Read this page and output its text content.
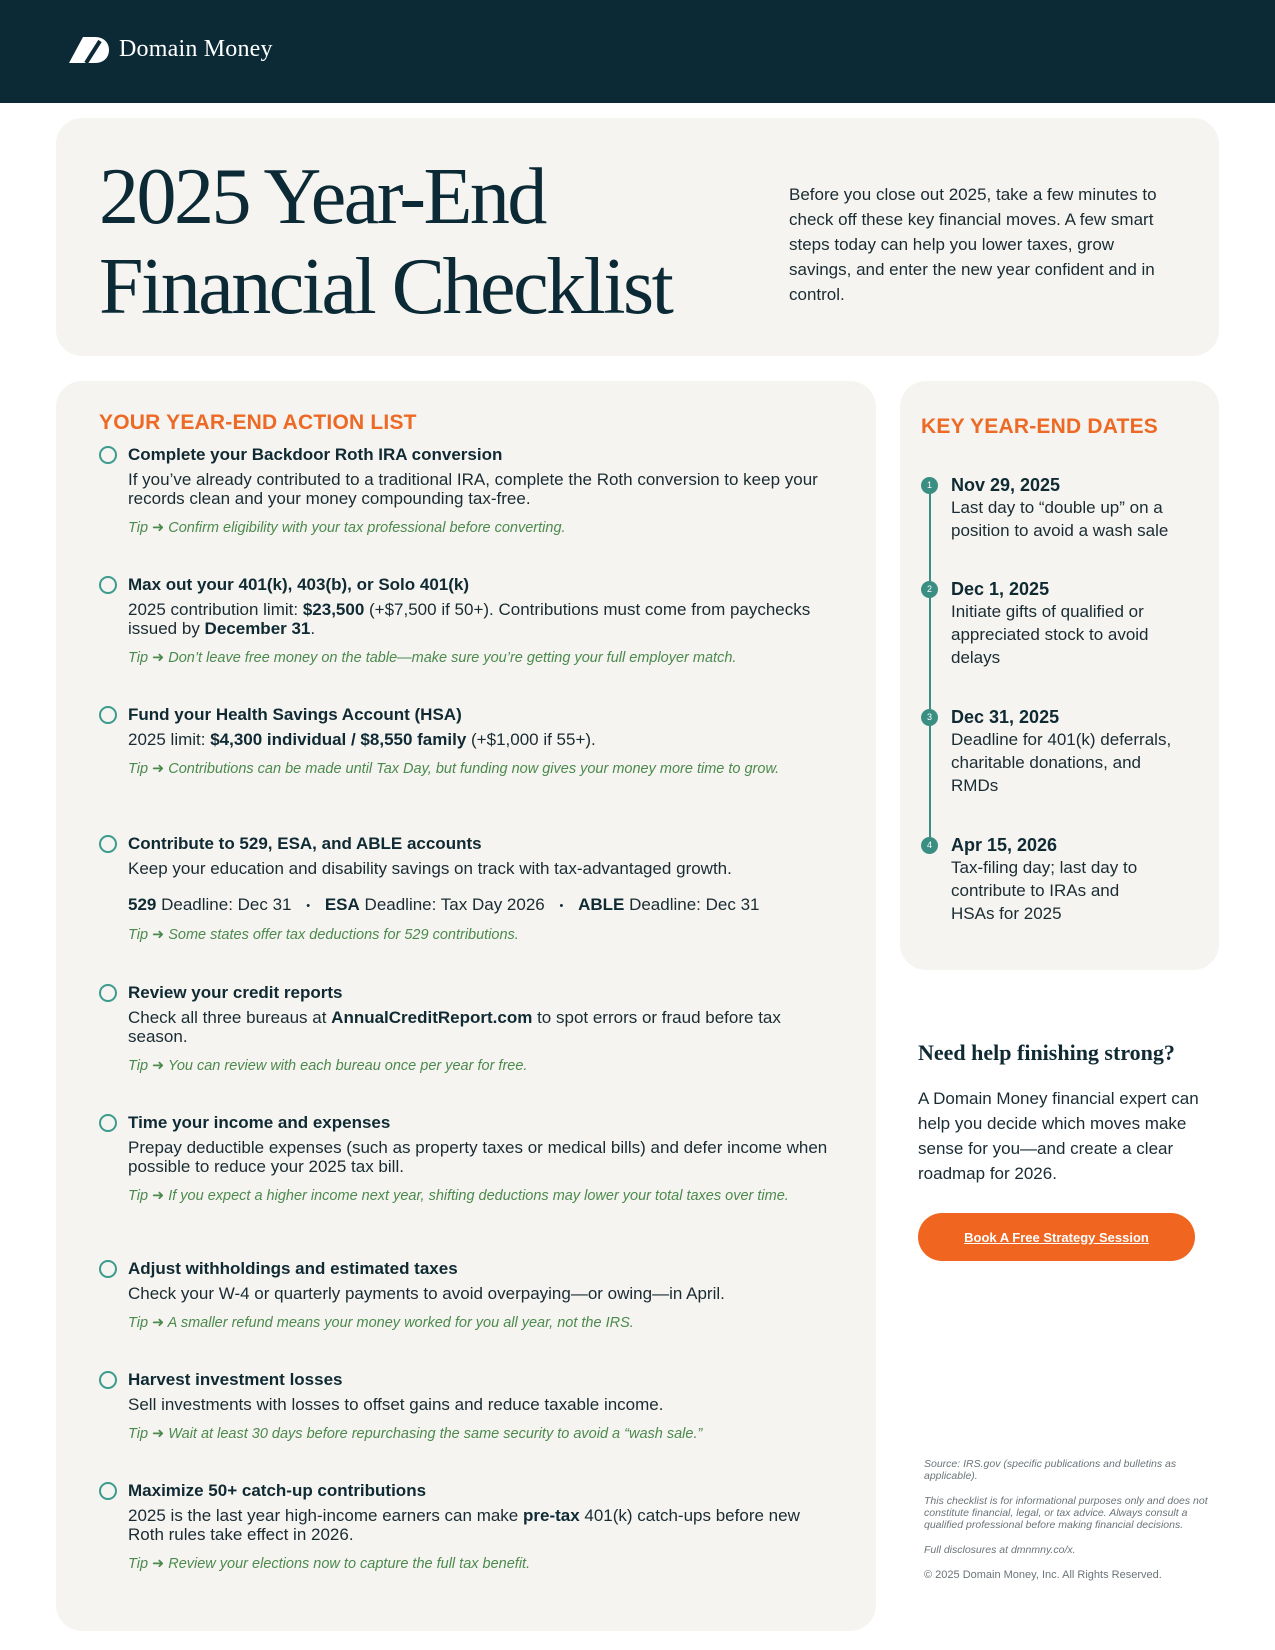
Domain Money
2025 Year-End
Financial Checklist

Before you close out 2025, take a few minutes to check off these key financial moves. A few smart steps today can help you lower taxes, grow savings, and enter the new year confident and in control.

YOUR YEAR-END ACTION LIST
Complete your Backdoor Roth IRA conversion
If you’ve already contributed to a traditional IRA, complete the Roth conversion to keep your records clean and your money compounding tax-free.
Tip ➜ Confirm eligibility with your tax professional before converting.
Max out your 401(k), 403(b), or Solo 401(k)
2025 contribution limit: $23,500 (+$7,500 if 50+). Contributions must come from paychecks issued by December 31.
Tip ➜ Don’t leave free money on the table—make sure you’re getting your full employer match.
Fund your Health Savings Account (HSA)
2025 limit: $4,300 individual / $8,550 family (+$1,000 if 55+).
Tip ➜ Contributions can be made until Tax Day, but funding now gives your money more time to grow.
Contribute to 529, ESA, and ABLE accounts
Keep your education and disability savings on track with tax-advantaged growth.
529 Deadline: Dec 31 • ESA Deadline: Tax Day 2026 • ABLE Deadline: Dec 31
Tip ➜ Some states offer tax deductions for 529 contributions.
Review your credit reports
Check all three bureaus at AnnualCreditReport.com to spot errors or fraud before tax season.
Tip ➜ You can review with each bureau once per year for free.
Time your income and expenses
Prepay deductible expenses (such as property taxes or medical bills) and defer income when possible to reduce your 2025 tax bill.
Tip ➜ If you expect a higher income next year, shifting deductions may lower your total taxes over time.
Adjust withholdings and estimated taxes
Check your W-4 or quarterly payments to avoid overpaying—or owing—in April.
Tip ➜ A smaller refund means your money worked for you all year, not the IRS.
Harvest investment losses
Sell investments with losses to offset gains and reduce taxable income.
Tip ➜ Wait at least 30 days before repurchasing the same security to avoid a “wash sale.”
Maximize 50+ catch-up contributions
2025 is the last year high-income earners can make pre-tax 401(k) catch-ups before new Roth rules take effect in 2026.
Tip ➜ Review your elections now to capture the full tax benefit.
KEY YEAR-END DATES
1	Nov 29, 2025
Last day to “double up” on a position to avoid a wash sale
2	Dec 1, 2025
Initiate gifts of qualified or appreciated stock to avoid delays
3	Dec 31, 2025
Deadline for 401(k) deferrals, charitable donations, and RMDs
4	Apr 15, 2026
Tax-filing day; last day to contribute to IRAs and HSAs for 2025
Need help finishing strong?

A Domain Money financial expert can help you decide which moves make sense for you—and create a clear roadmap for 2026.

Book A Free Strategy Session

Source: IRS.gov (specific publications and bulletins as applicable).

This checklist is for informational purposes only and does not constitute financial, legal, or tax advice. Always consult a qualified professional before making financial decisions.

Full disclosures at dmnmny.co/x.

© 2025 Domain Money, Inc. All Rights Reserved.
